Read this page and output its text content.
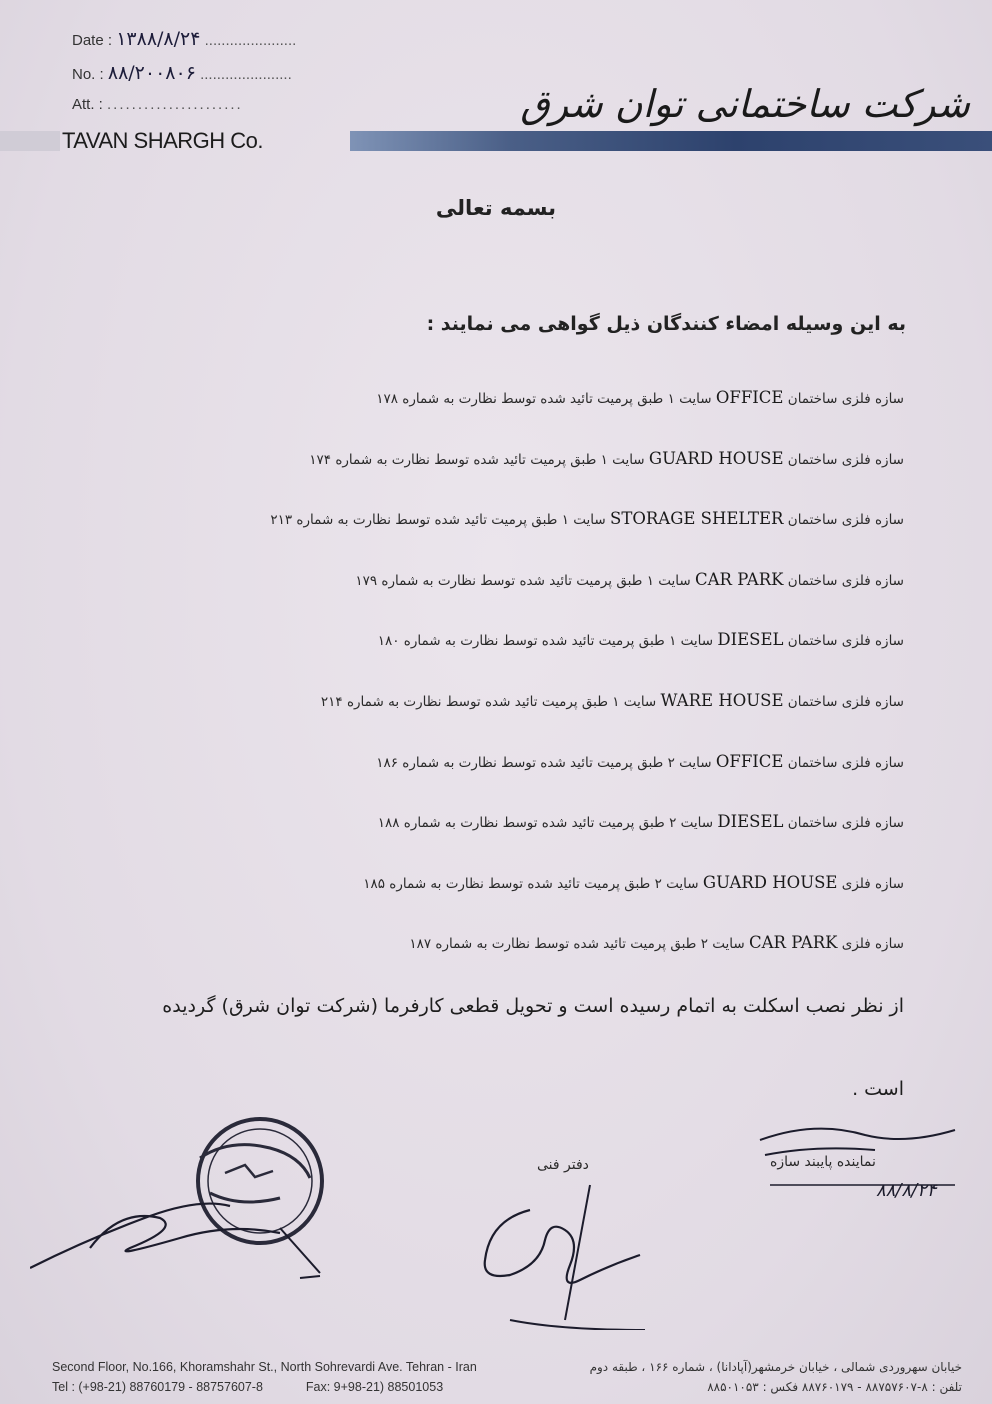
Date : ۱۳۸۸/۸/۲۴ ......................
No. : ۸۸/۲۰۰۸۰۶ ......................
Att. : ......................	شرکت ساختمانی توان شرق
TAVAN SHARGH Co.
بسمه تعالی
به این وسیله امضاء کنندگان ذیل گواهی می نمایند :
سازه فلزی ساختمان OFFICE سایت ۱ طبق پرمیت تائید شده توسط نظارت به شماره ۱۷۸
سازه فلزی ساختمان GUARD HOUSE سایت ۱ طبق پرمیت تائید شده توسط نظارت به شماره ۱۷۴
سازه فلزی ساختمان STORAGE SHELTER سایت ۱ طبق پرمیت تائید شده توسط نظارت به شماره ۲۱۳
سازه فلزی ساختمان CAR PARK سایت ۱ طبق پرمیت تائید شده توسط نظارت به شماره ۱۷۹
سازه فلزی ساختمان DIESEL سایت ۱ طبق پرمیت تائید شده توسط نظارت به شماره ۱۸۰
سازه فلزی ساختمان WARE HOUSE سایت ۱ طبق پرمیت تائید شده توسط نظارت به شماره ۲۱۴
سازه فلزی ساختمان OFFICE سایت ۲ طبق پرمیت تائید شده توسط نظارت به شماره ۱۸۶
سازه فلزی ساختمان DIESEL سایت ۲ طبق پرمیت تائید شده توسط نظارت به شماره ۱۸۸
سازه فلزی GUARD HOUSE سایت ۲ طبق پرمیت تائید شده توسط نظارت به شماره ۱۸۵
سازه فلزی CAR PARK سایت ۲ طبق پرمیت تائید شده توسط نظارت به شماره ۱۸۷
از نظر نصب اسکلت به اتمام رسیده است و تحویل قطعی کارفرما (شرکت توان شرق) گردیده
است .
دفتر فنی	نماینده پایبند سازه
۸۸/۸/۲۴
Second Floor, No.166, Khoramshahr St., North Sohrevardi Ave. Tehran - Iran
Tel : (+98-21) 88760179 - 88757607-8	Fax: 9+98-21) 88501053
خیابان سهروردی شمالی ، خیابان خرمشهر(آپادانا) ، شماره ۱۶۶ ، طبقه دوم
تلفن : ۸-۸۸۷۵۷۶۰۷ - ۸۸۷۶۰۱۷۹ فکس : ۸۸۵۰۱۰۵۳
